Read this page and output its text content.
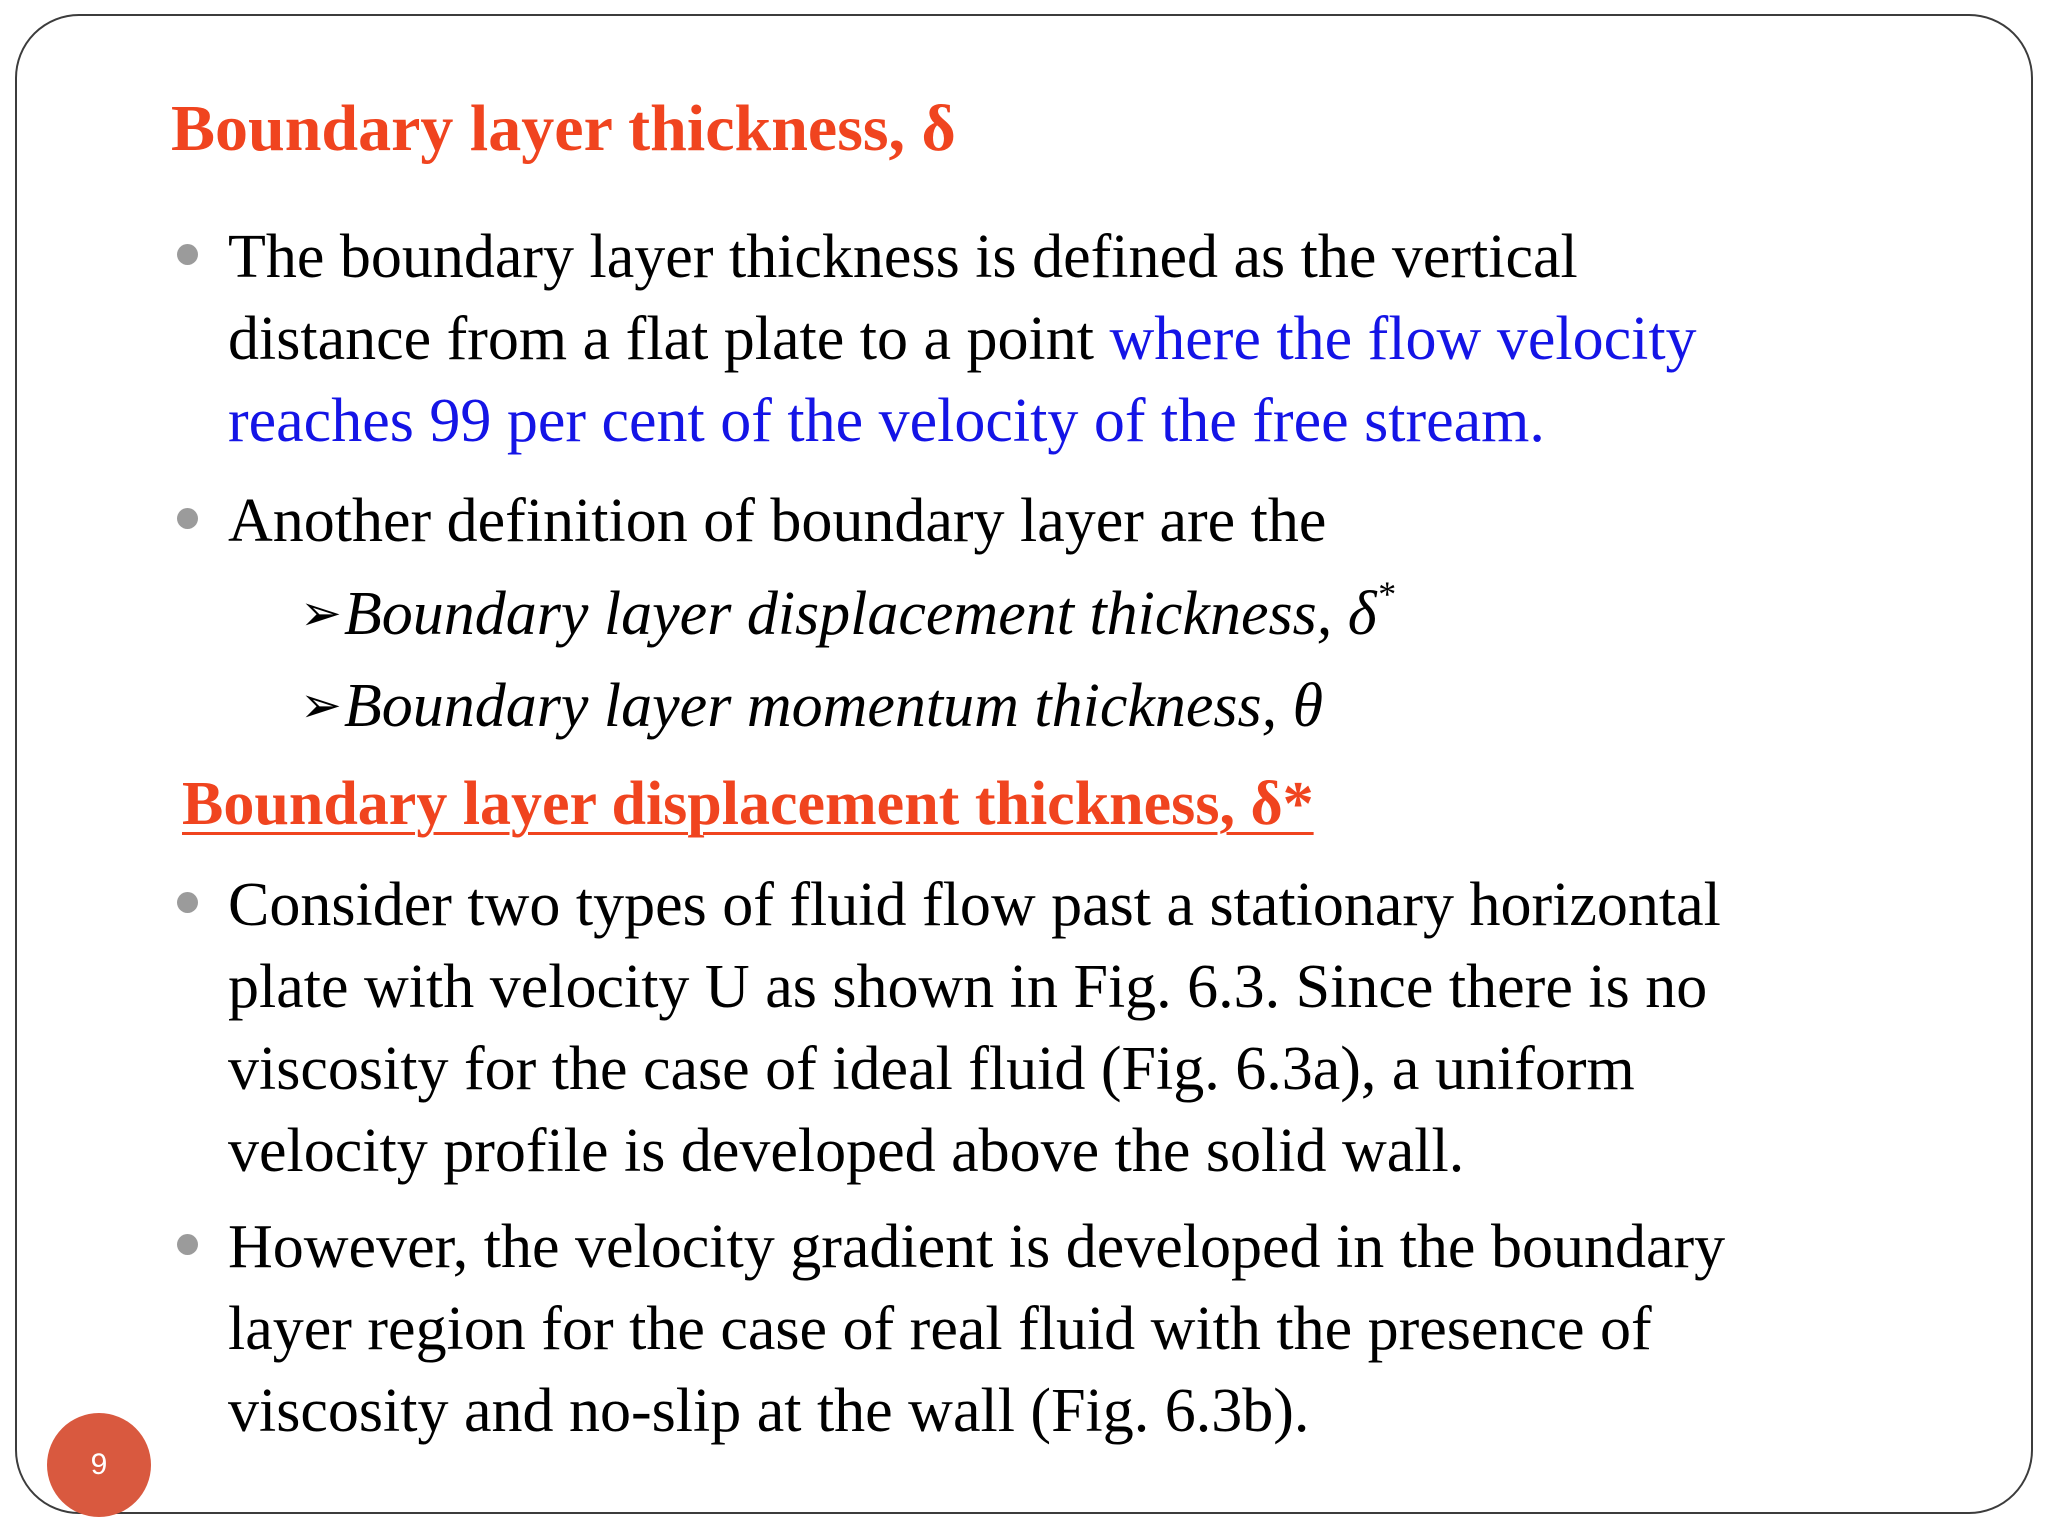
Boundary layer thickness, δ
The boundary layer thickness is defined as the vertical
distance from a flat plate to a point where the flow velocity
reaches 99 per cent of the velocity of the free stream.
Another definition of boundary layer are the
➢Boundary layer displacement thickness, δ*
➢Boundary layer momentum thickness, θ
Boundary layer displacement thickness, δ*
Consider two types of fluid flow past a stationary horizontal
plate with velocity U as shown in Fig. 6.3. Since there is no
viscosity for the case of ideal fluid (Fig. 6.3a), a uniform
velocity profile is developed above the solid wall.
However, the velocity gradient is developed in the boundary
layer region for the case of real fluid with the presence of
viscosity and no-slip at the wall (Fig. 6.3b).
9
